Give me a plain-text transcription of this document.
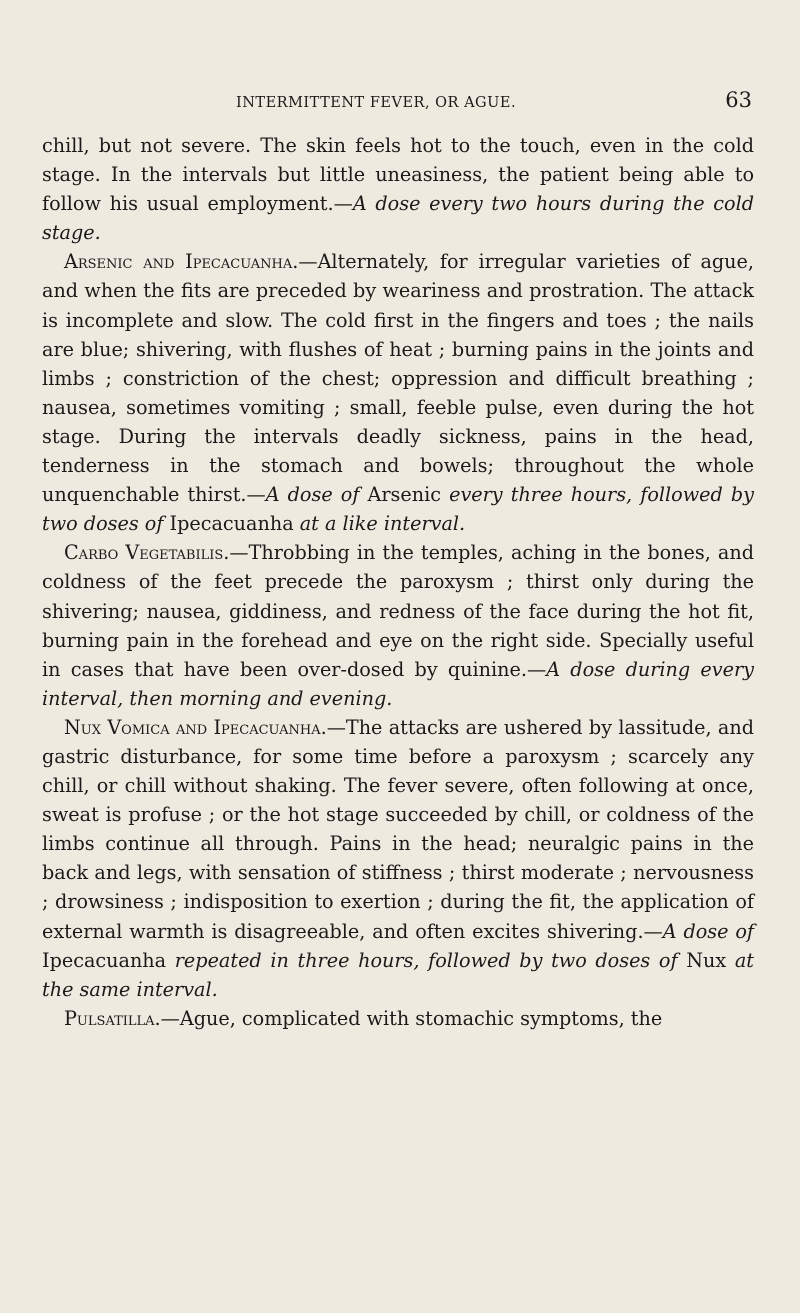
INTERMITTENT FEVER, OR AGUE.	63

chill, but not severe. The skin feels hot to the touch, even in the cold stage. In the intervals but little uneasiness, the patient being able to follow his usual employment.—A dose every two hours during the cold stage.

Arsenic and Ipecacuanha.—Alternately, for irregular varieties of ague, and when the fits are preceded by weariness and prostration. The attack is incomplete and slow. The cold first in the fingers and toes ; the nails are blue; shivering, with flushes of heat ; burning pains in the joints and limbs ; constriction of the chest; oppression and difficult breathing ; nausea, sometimes vomiting ; small, feeble pulse, even during the hot stage. During the intervals deadly sickness, pains in the head, tenderness in the stomach and bowels; throughout the whole unquenchable thirst.—A dose of Arsenic every three hours, followed by two doses of Ipecacuanha at a like interval.

Carbo Vegetabilis.—Throbbing in the temples, aching in the bones, and coldness of the feet precede the paroxysm ; thirst only during the shivering; nausea, giddiness, and redness of the face during the hot fit, burning pain in the forehead and eye on the right side. Specially useful in cases that have been over-dosed by quinine.—A dose during every interval, then morning and evening.

Nux Vomica and Ipecacuanha.—The attacks are ushered by lassitude, and gastric disturbance, for some time before a paroxysm ; scarcely any chill, or chill without shaking. The fever severe, often following at once, sweat is profuse ; or the hot stage succeeded by chill, or coldness of the limbs continue all through. Pains in the head; neuralgic pains in the back and legs, with sensation of stiffness ; thirst moderate ; nervousness ; drowsiness ; indisposition to exertion ; during the fit, the application of external warmth is disagreeable, and often excites shivering.—A dose of Ipecacuanha repeated in three hours, followed by two doses of Nux at the same interval.

Pulsatilla.—Ague, complicated with stomachic symptoms, the
